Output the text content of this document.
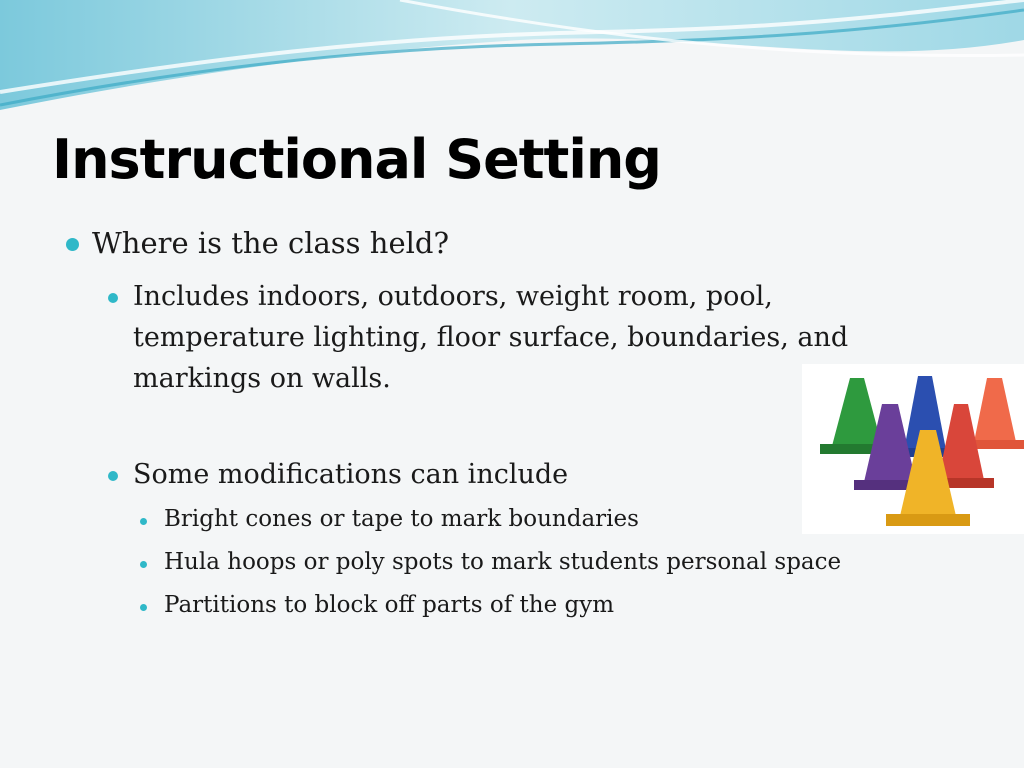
Instructional Setting

Where is the class held?

Includes indoors, outdoors, weight room, pool,

temperature lighting, floor surface, boundaries, and

markings on walls.

Some modifications can include

Bright cones or tape to mark boundaries

Hula hoops or poly spots to mark students personal space

Partitions to block off parts of the gym
